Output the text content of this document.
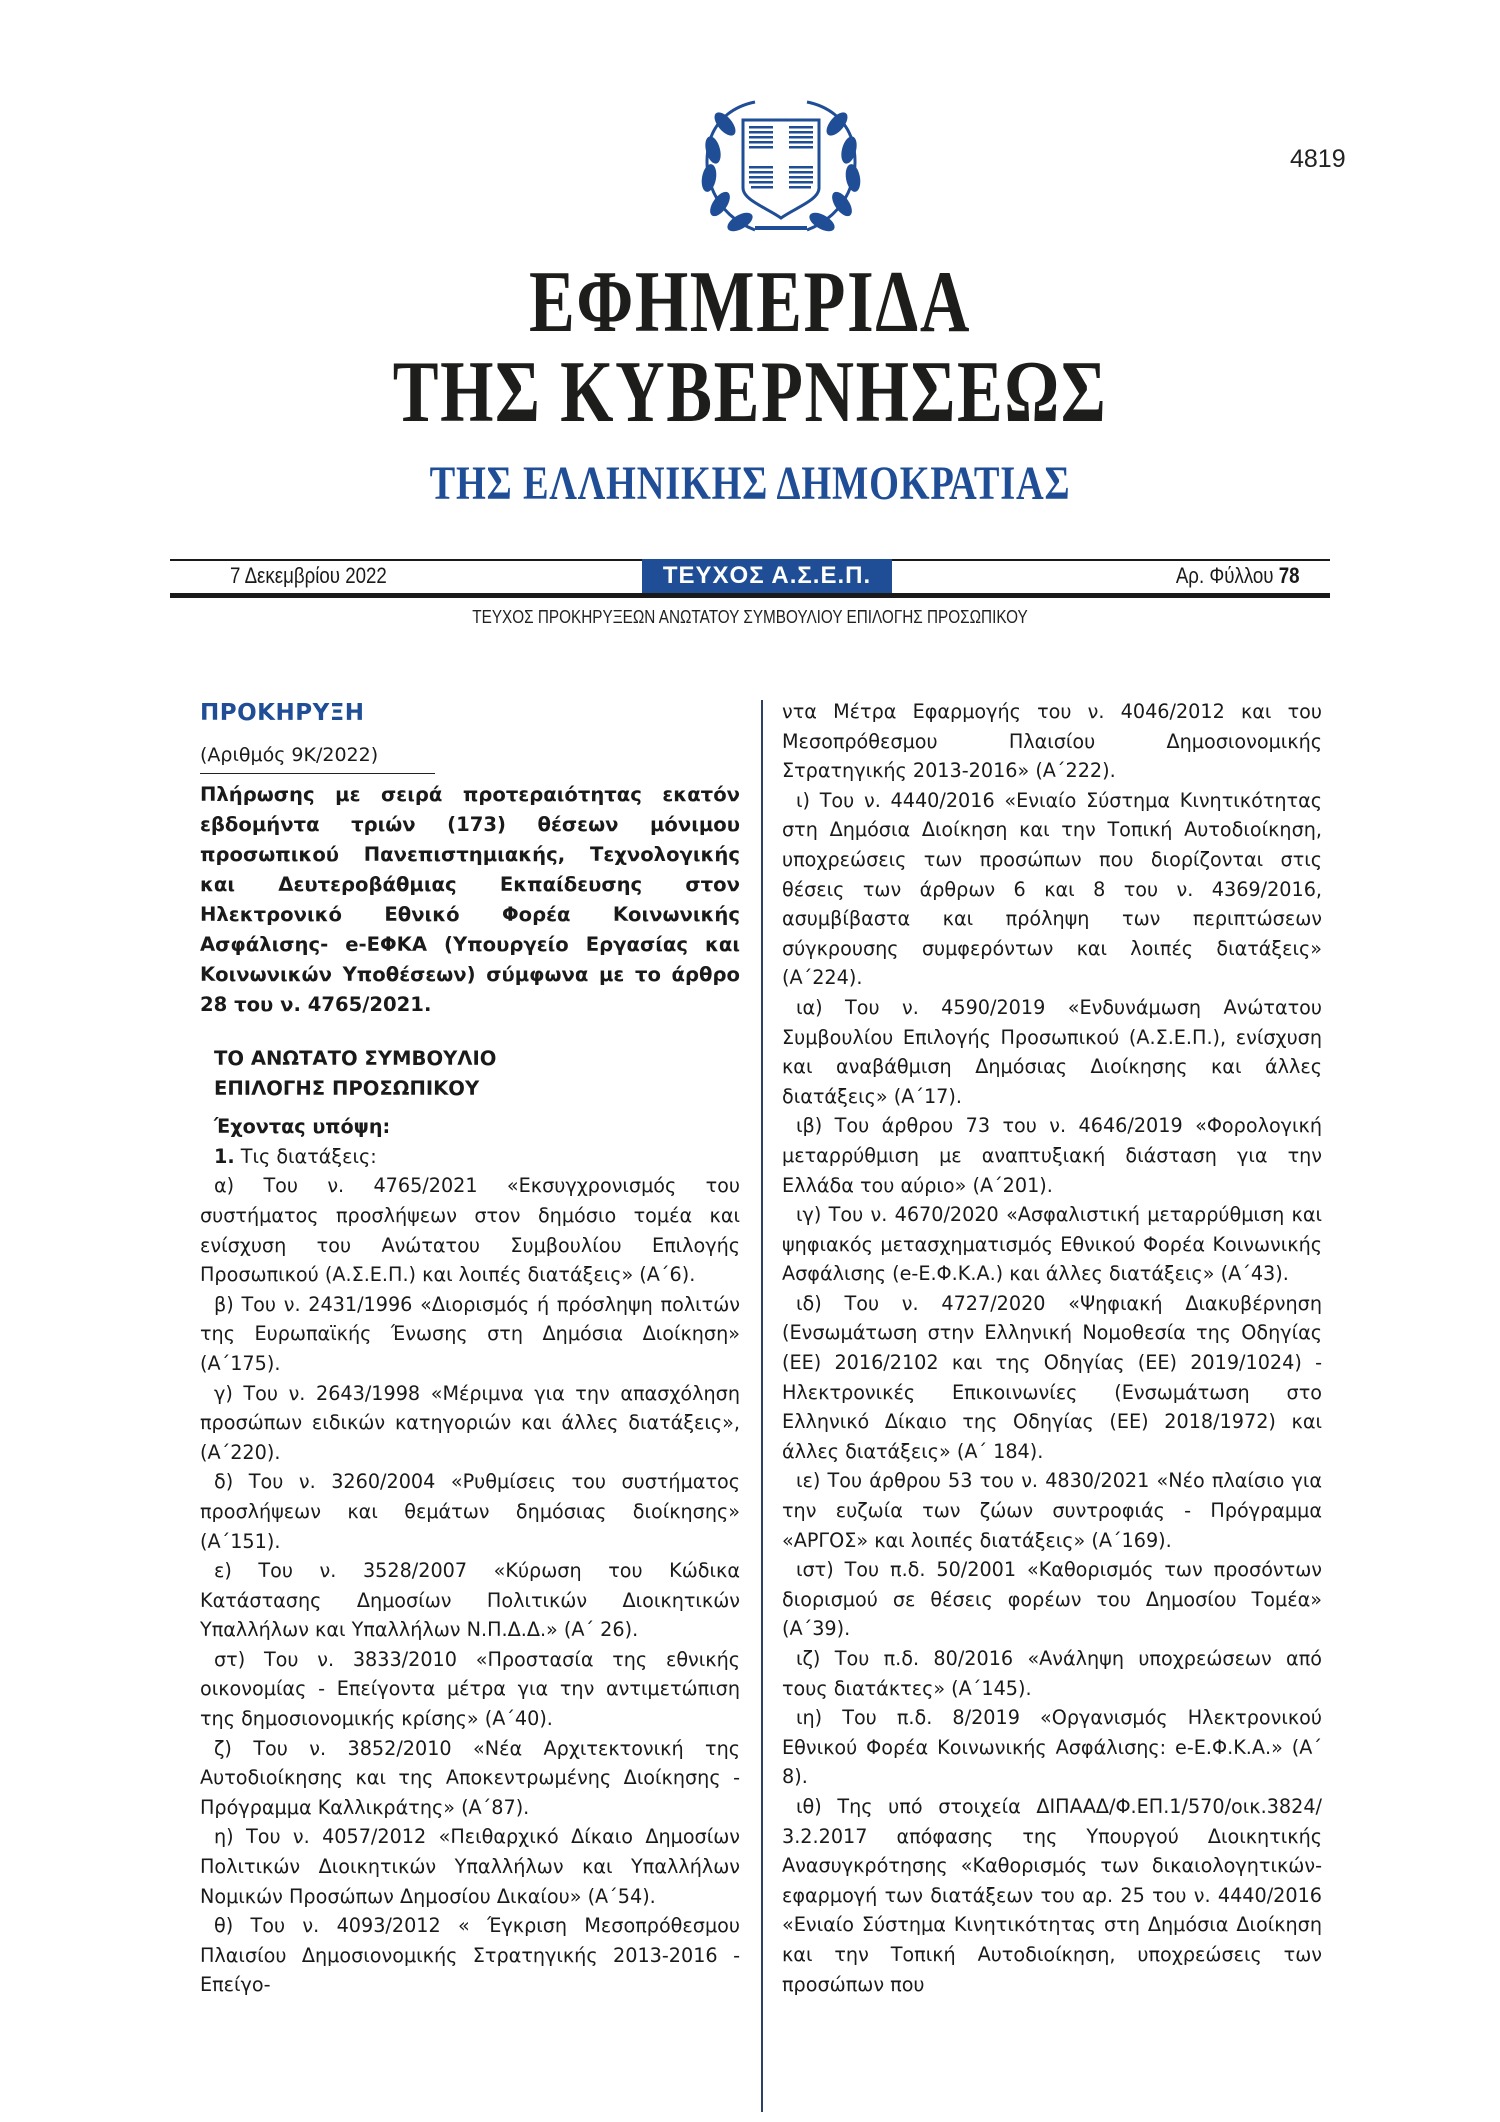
4819
ΕΦΗΜΕΡΙΔΑ
ΤΗΣ ΚΥΒΕΡΝΗΣΕΩΣ
ΤΗΣ ΕΛΛΗΝΙΚΗΣ ΔΗΜΟΚΡΑΤΙΑΣ
7 Δεκεμβρίου 2022	ΤΕΥΧΟΣ Α.Σ.Ε.Π.	Αρ. Φύλλου 78
ΤΕΥΧΟΣ ΠΡΟΚΗΡΥΞΕΩΝ ΑΝΩΤΑΤΟΥ ΣΥΜΒΟΥΛΙΟΥ ΕΠΙΛΟΓΗΣ ΠΡΟΣΩΠΙΚΟΥ

ΠΡΟΚΗΡΥΞΗ

(Αριθμός 9Κ/2022)

Πλήρωσης με σειρά προτεραιότητας εκατόν εβδομήντα τριών (173) θέσεων μόνιμου προσωπικού Πανεπιστημιακής, Τεχνολογικής και Δευτεροβάθμιας Εκπαίδευσης στον Ηλεκτρονικό Εθνικό Φορέα Κοινωνικής Ασφάλισης- e-ΕΦΚΑ (Υπουργείο Εργασίας και Κοινωνικών Υποθέσεων) σύμφωνα με το άρθρο 28 του ν. 4765/2021.

ΤΟ ΑΝΩΤΑΤΟ ΣΥΜΒΟΥΛΙΟ

ΕΠΙΛΟΓΗΣ ΠΡΟΣΩΠΙΚΟΥ

Έχοντας υπόψη:

1. Τις διατάξεις:

α) Του ν. 4765/2021 «Εκσυγχρονισμός του συστήματος προσλήψεων στον δημόσιο τομέα και ενίσχυση του Ανώτατου Συμβουλίου Επιλογής Προσωπικού (Α.Σ.Ε.Π.) και λοιπές διατάξεις» (Α΄6).

β) Του ν. 2431/1996 «Διορισμός ή πρόσληψη πολιτών της Ευρωπαϊκής Ένωσης στη Δημόσια Διοίκηση» (Α΄175).

γ) Του ν. 2643/1998 «Μέριμνα για την απασχόληση προσώπων ειδικών κατηγοριών και άλλες διατάξεις», (Α΄220).

δ) Του ν. 3260/2004 «Ρυθμίσεις του συστήματος προσλήψεων και θεμάτων δημόσιας διοίκησης» (Α΄151).

ε) Του ν. 3528/2007 «Κύρωση του Κώδικα Κατάστασης Δημοσίων Πολιτικών Διοικητικών Υπαλλήλων και Υπαλλήλων Ν.Π.Δ.Δ.» (Α΄ 26).

στ) Του ν. 3833/2010 «Προστασία της εθνικής οικονομίας - Επείγοντα μέτρα για την αντιμετώπιση της δημοσιονομικής κρίσης» (Α΄40).

ζ) Του ν. 3852/2010 «Νέα Αρχιτεκτονική της Αυτοδιοίκησης και της Αποκεντρωμένης Διοίκησης - Πρόγραμμα Καλλικράτης» (Α΄87).

η) Του ν. 4057/2012 «Πειθαρχικό Δίκαιο Δημοσίων Πολιτικών Διοικητικών Υπαλλήλων και Υπαλλήλων Νομικών Προσώπων Δημοσίου Δικαίου» (Α΄54).

θ) Του ν. 4093/2012 « Έγκριση Μεσοπρόθεσμου Πλαισίου Δημοσιονομικής Στρατηγικής 2013-2016 - Επείγο-

ντα Μέτρα Εφαρμογής του ν. 4046/2012 και του Μεσοπρόθεσμου Πλαισίου Δημοσιονομικής Στρατηγικής 2013-2016» (Α΄222).

ι) Του ν. 4440/2016 «Ενιαίο Σύστημα Κινητικότητας στη Δημόσια Διοίκηση και την Τοπική Αυτοδιοίκηση, υποχρεώσεις των προσώπων που διορίζονται στις θέσεις των άρθρων 6 και 8 του ν. 4369/2016, ασυμβίβαστα και πρόληψη των περιπτώσεων σύγκρουσης συμφερόντων και λοιπές διατάξεις» (Α΄224).

ια) Του ν. 4590/2019 «Ενδυνάμωση Ανώτατου Συμβουλίου Επιλογής Προσωπικού (Α.Σ.Ε.Π.), ενίσχυση και αναβάθμιση Δημόσιας Διοίκησης και άλλες διατάξεις» (Α΄17).

ιβ) Του άρθρου 73 του ν. 4646/2019 «Φορολογική μεταρρύθμιση με αναπτυξιακή διάσταση για την Ελλάδα του αύριο» (Α΄201).

ιγ) Του ν. 4670/2020 «Ασφαλιστική μεταρρύθμιση και ψηφιακός μετασχηματισμός Εθνικού Φορέα Κοινωνικής Ασφάλισης (e-Ε.Φ.Κ.Α.) και άλλες διατάξεις» (Α΄43).

ιδ) Του ν. 4727/2020 «Ψηφιακή Διακυβέρνηση (Ενσωμάτωση στην Ελληνική Νομοθεσία της Οδηγίας (ΕΕ) 2016/2102 και της Οδηγίας (ΕΕ) 2019/1024) - Ηλεκτρονικές Επικοινωνίες (Ενσωμάτωση στο Ελληνικό Δίκαιο της Οδηγίας (ΕΕ) 2018/1972) και άλλες διατάξεις» (Α΄ 184).

ιε) Του άρθρου 53 του ν. 4830/2021 «Νέο πλαίσιο για την ευζωία των ζώων συντροφιάς - Πρόγραμμα «ΑΡΓΟΣ» και λοιπές διατάξεις» (Α΄169).

ιστ) Του π.δ. 50/2001 «Καθορισμός των προσόντων διορισμού σε θέσεις φορέων του Δημοσίου Τομέα» (Α΄39).

ιζ) Του π.δ. 80/2016 «Ανάληψη υποχρεώσεων από τους διατάκτες» (Α΄145).

ιη) Του π.δ. 8/2019 «Οργανισμός Ηλεκτρονικού Εθνικού Φορέα Κοινωνικής Ασφάλισης: e-Ε.Φ.Κ.Α.» (Α΄ 8).

ιθ) Της υπό στοιχεία ΔΙΠΑΑΔ/Φ.ΕΠ.1/570/οικ.3824/ 3.2.2017 απόφασης της Υπουργού Διοικητικής Ανασυγκρότησης «Καθορισμός των δικαιολογητικών-εφαρμογή των διατάξεων του αρ. 25 του ν. 4440/2016 «Ενιαίο Σύστημα Κινητικότητας στη Δημόσια Διοίκηση και την Τοπική Αυτοδιοίκηση, υποχρεώσεις των προσώπων που
